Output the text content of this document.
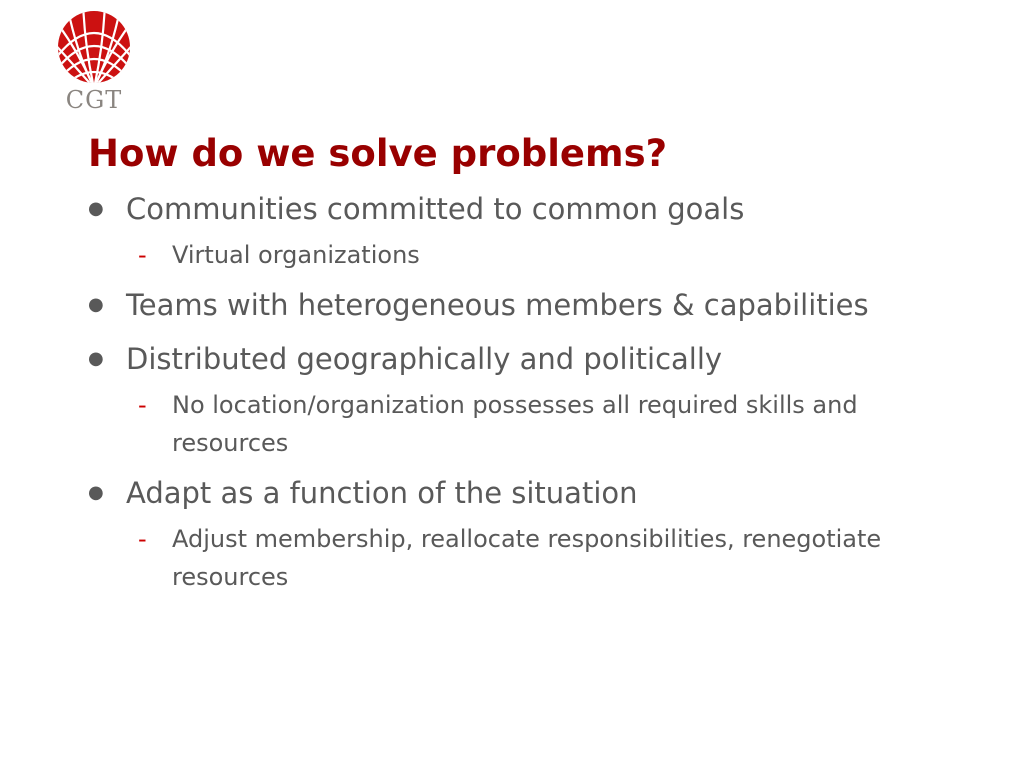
CGT
How do we solve problems?
● Communities committed to common goals
- Virtual organizations
● Teams with heterogeneous members & capabilities
● Distributed geographically and politically
- No location/organization possesses all required skills and resources
● Adapt as a function of the situation
- Adjust membership, reallocate responsibilities, renegotiate resources
